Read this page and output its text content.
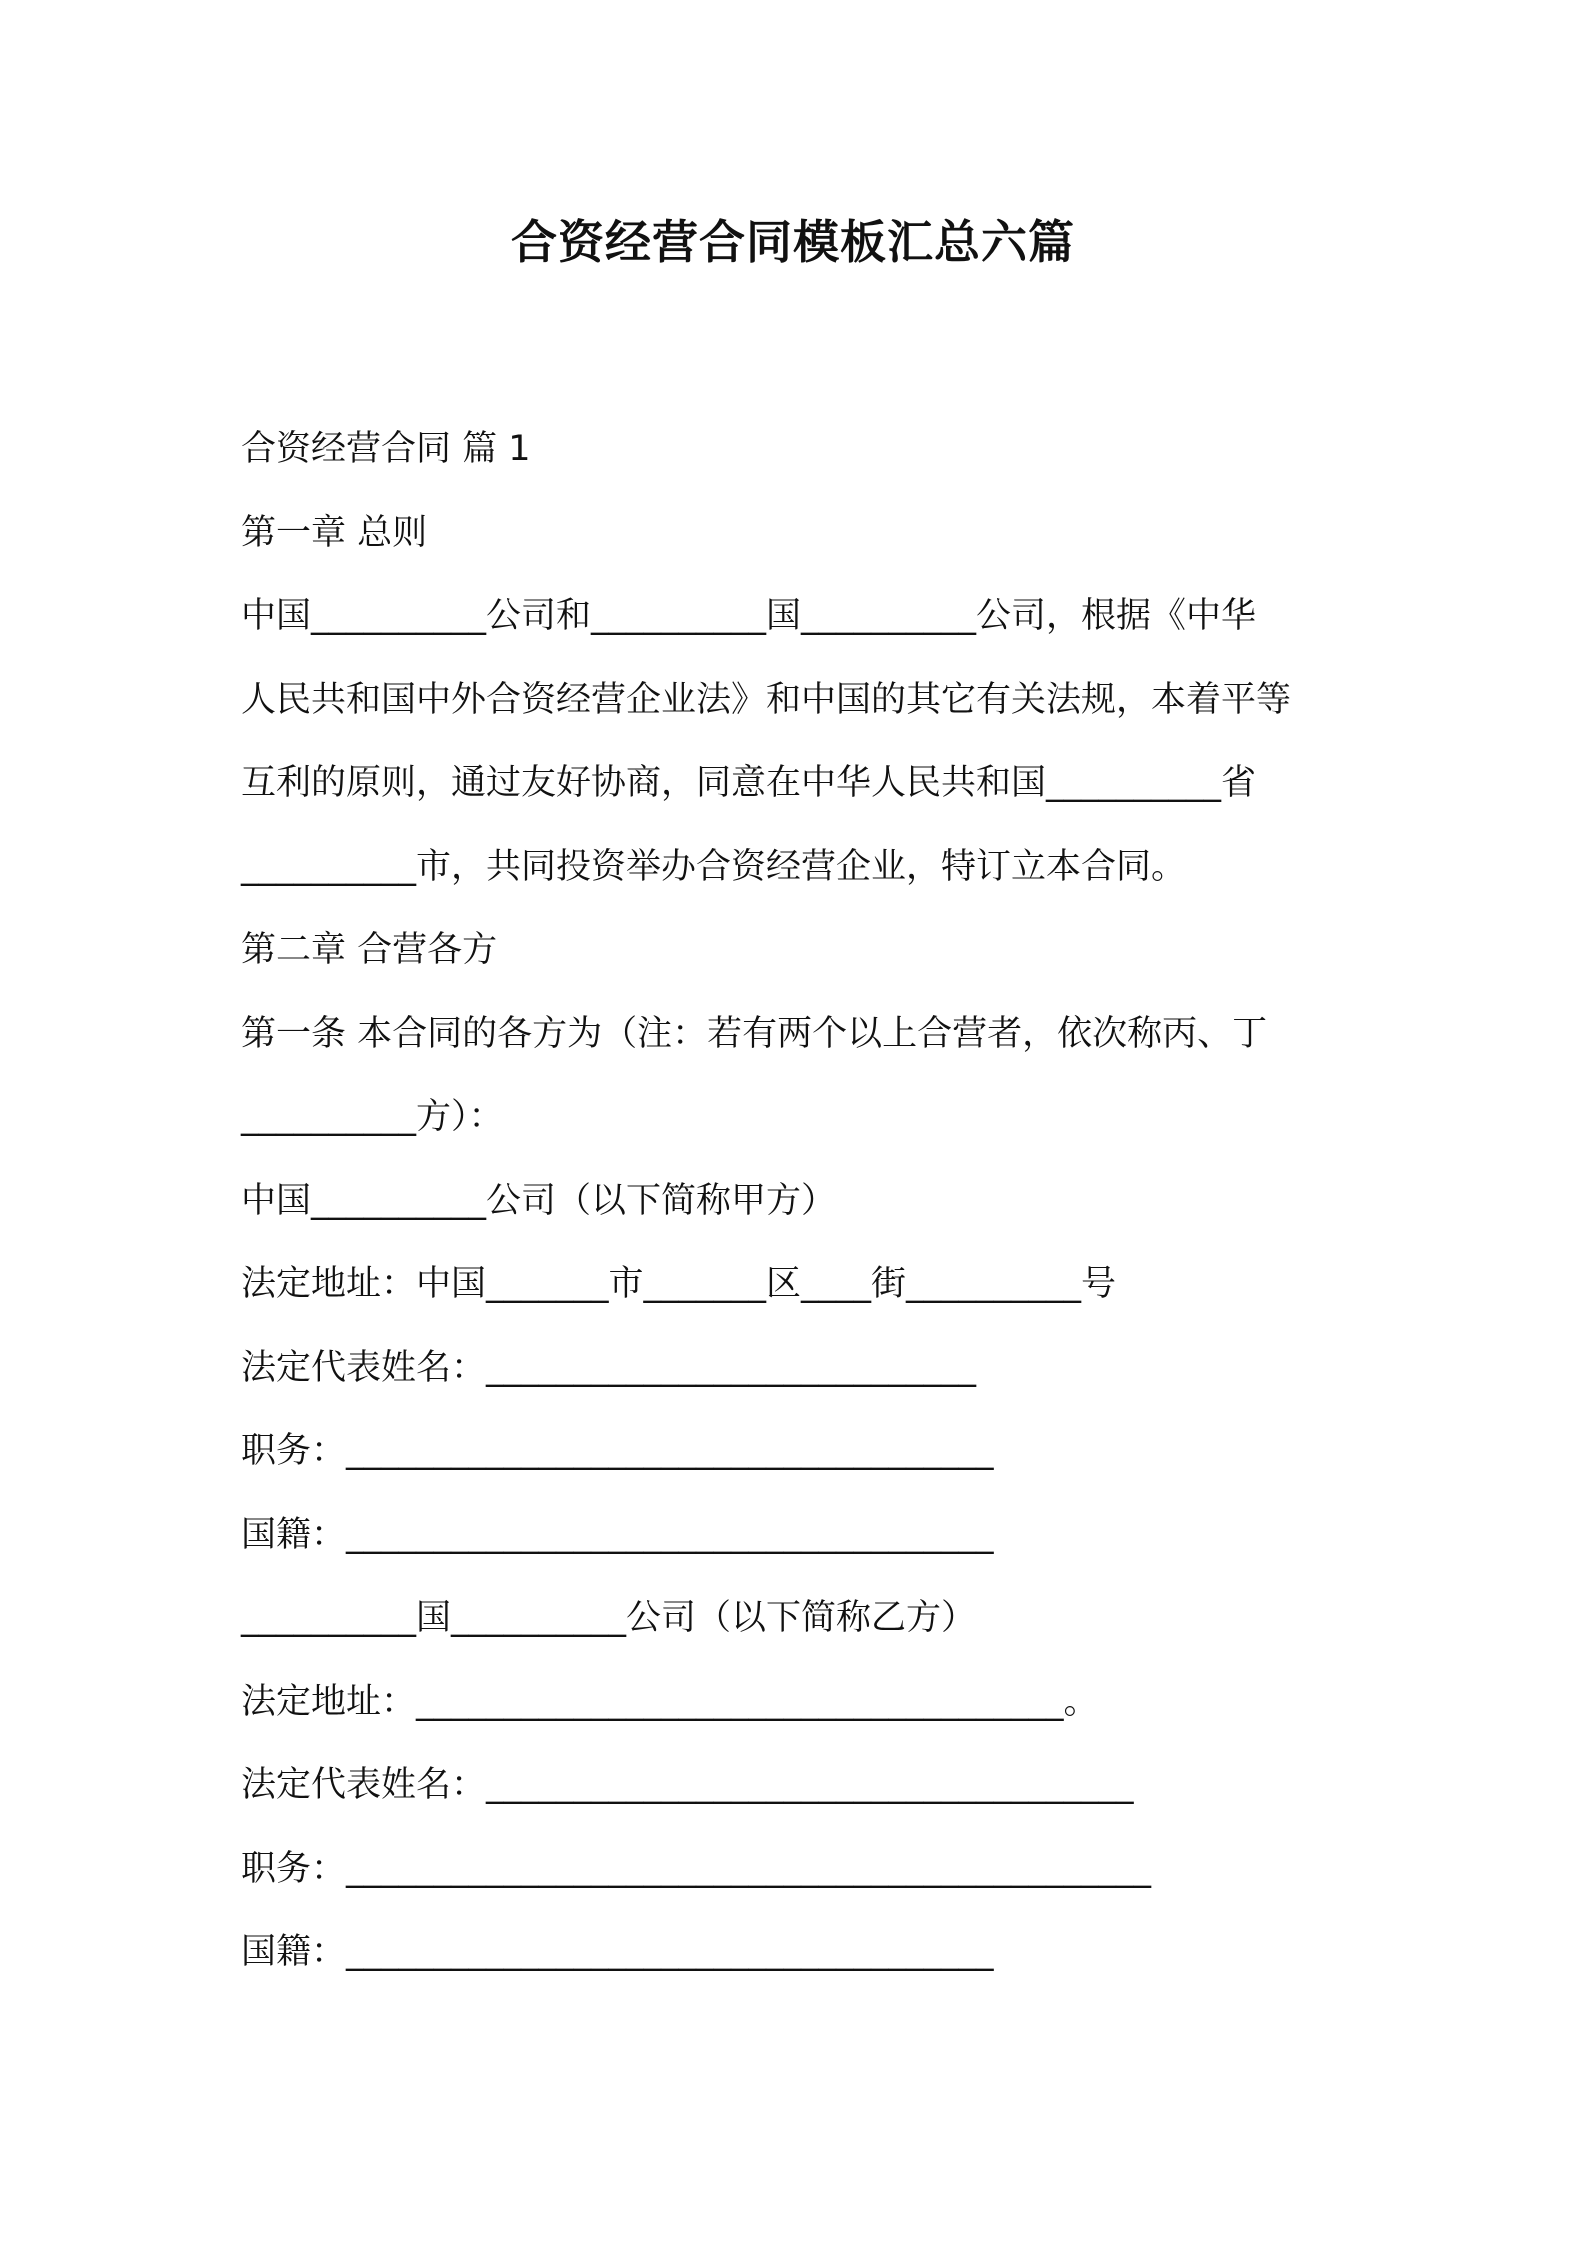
合资经营合同模板汇总六篇

合资经营合同 篇 1

第一章 总则

中国__________公司和__________国__________公司，根据《中华

人民共和国中外合资经营企业法》和中国的其它有关法规，本着平等

互利的原则，通过友好协商，同意在中华人民共和国__________省

__________市，共同投资举办合资经营企业，特订立本合同。

第二章 合营各方

第一条 本合同的各方为（注：若有两个以上合营者，依次称丙、丁

__________方）：

中国__________公司（以下简称甲方）

法定地址：中国_______市_______区____街__________号

法定代表姓名：____________________________

职务：_____________________________________

国籍：_____________________________________

__________国__________公司（以下简称乙方）

法定地址：_____________________________________。

法定代表姓名：_____________________________________

职务：______________________________________________

国籍：_____________________________________
